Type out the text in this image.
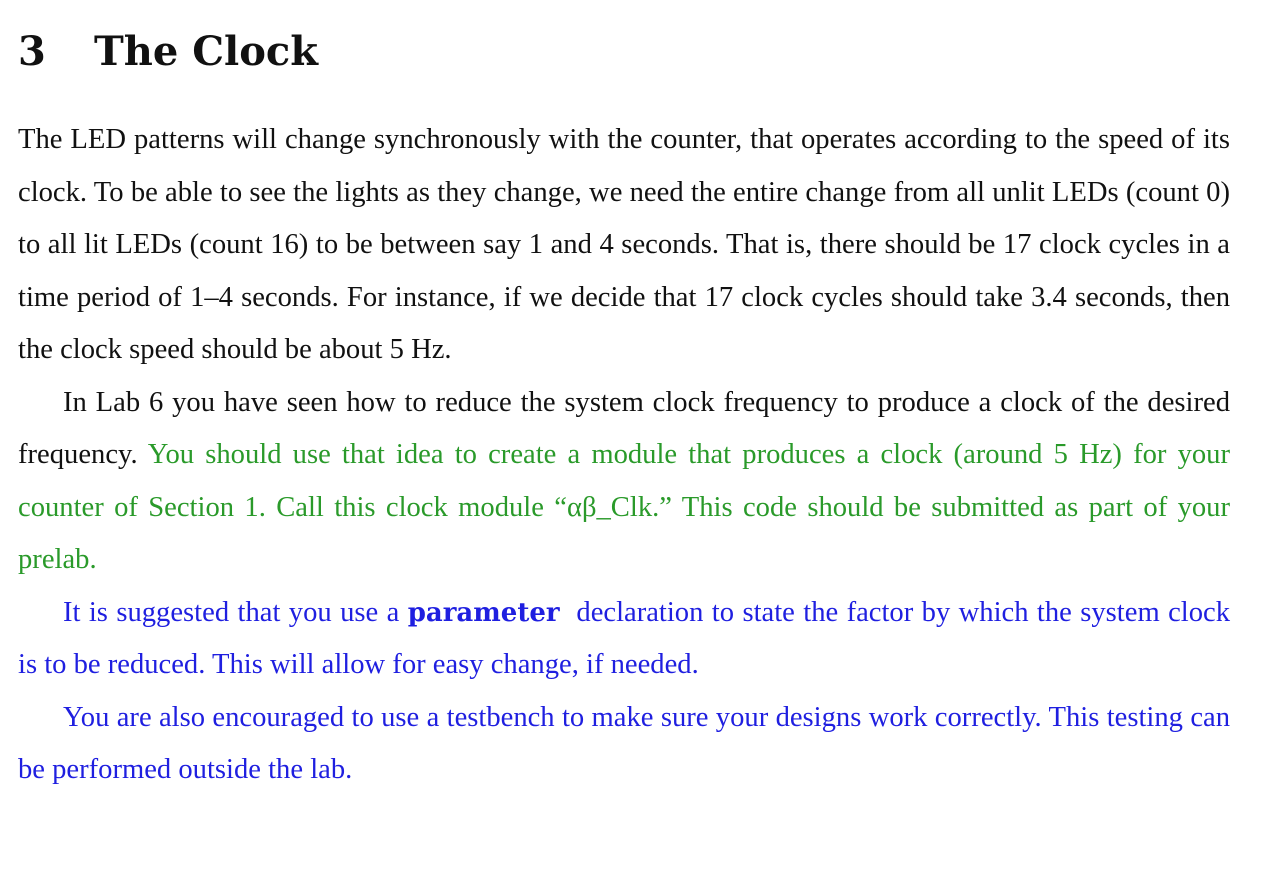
3 The Clock

The LED patterns will change synchronously with the counter, that operates according to the speed of its clock. To be able to see the lights as they change, we need the entire change from all unlit LEDs (count 0) to all lit LEDs (count 16) to be between say 1 and 4 seconds. That is, there should be 17 clock cycles in a time period of 1–4 seconds. For instance, if we decide that 17 clock cycles should take 3.4 seconds, then the clock speed should be about 5 Hz.

In Lab 6 you have seen how to reduce the system clock frequency to produce a clock of the desired frequency. You should use that idea to create a module that produces a clock (around 5 Hz) for your counter of Section 1. Call this clock module “αβ_Clk.” This code should be submitted as part of your prelab.

It is suggested that you use a parameter declaration to state the factor by which the system clock is to be reduced. This will allow for easy change, if needed.

You are also encouraged to use a testbench to make sure your designs work correctly. This testing can be performed outside the lab.
